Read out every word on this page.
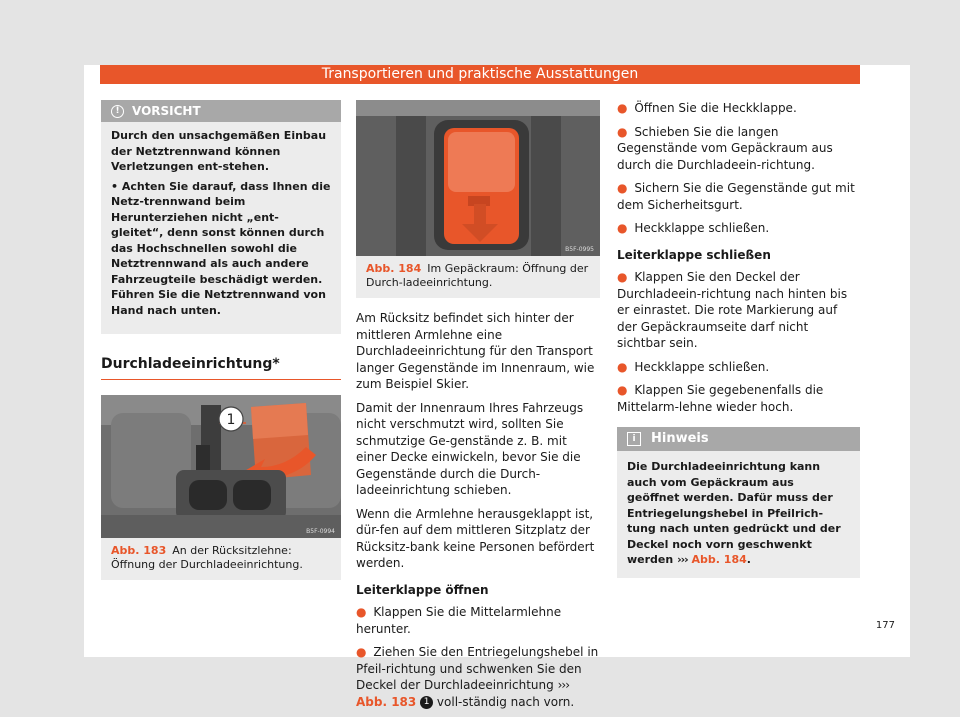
Transportieren und praktische Ausstattungen
!	VORSICHT

Durch den unsachgemäßen Einbau der Netztrennwand können Verletzungen ent-stehen.

• Achten Sie darauf, dass Ihnen die Netz-trennwand beim Herunterziehen nicht „ent-gleitet“, denn sonst können durch das Hochschnellen sowohl die Netztrennwand als auch andere Fahrzeugteile beschädigt werden. Führen Sie die Netztrennwand von Hand nach unten.

Durchladeeinrichtung*
1
B5F-0994
Abb. 183 An der Rücksitzlehne: Öffnung der Durchladeeinrichtung.
B5F-0995
Abb. 184 Im Gepäckraum: Öffnung der Durch-ladeeinrichtung.

Am Rücksitz befindet sich hinter der mittleren Armlehne eine Durchladeeinrichtung für den Transport langer Gegenstände im Innenraum, wie zum Beispiel Skier.

Damit der Innenraum Ihres Fahrzeugs nicht verschmutzt wird, sollten Sie schmutzige Ge-genstände z. B. mit einer Decke einwickeln, bevor Sie die Gegenstände durch die Durch-ladeeinrichtung schieben.

Wenn die Armlehne herausgeklappt ist, dür-fen auf dem mittleren Sitzplatz der Rücksitz-bank keine Personen befördert werden.

Leiterklappe öffnen

● Klappen Sie die Mittelarmlehne herunter.

● Ziehen Sie den Entriegelungshebel in Pfeil-richtung und schwenken Sie den Deckel der Durchladeeinrichtung ››› Abb. 183 1 voll-ständig nach vorn.

● Öffnen Sie die Heckklappe.

● Schieben Sie die langen Gegenstände vom Gepäckraum aus durch die Durchladeein-richtung.

● Sichern Sie die Gegenstände gut mit dem Sicherheitsgurt.

● Heckklappe schließen.

Leiterklappe schließen

● Klappen Sie den Deckel der Durchladeein-richtung nach hinten bis er einrastet. Die rote Markierung auf der Gepäckraumseite darf nicht sichtbar sein.

● Heckklappe schließen.

● Klappen Sie gegebenenfalls die Mittelarm-lehne wieder hoch.

i	Hinweis
Die Durchladeeinrichtung kann auch vom Gepäckraum aus geöffnet werden. Dafür muss der Entriegelungshebel in Pfeilrich-tung nach unten gedrückt und der Deckel noch vorn geschwenkt werden ››› Abb. 184.
177
